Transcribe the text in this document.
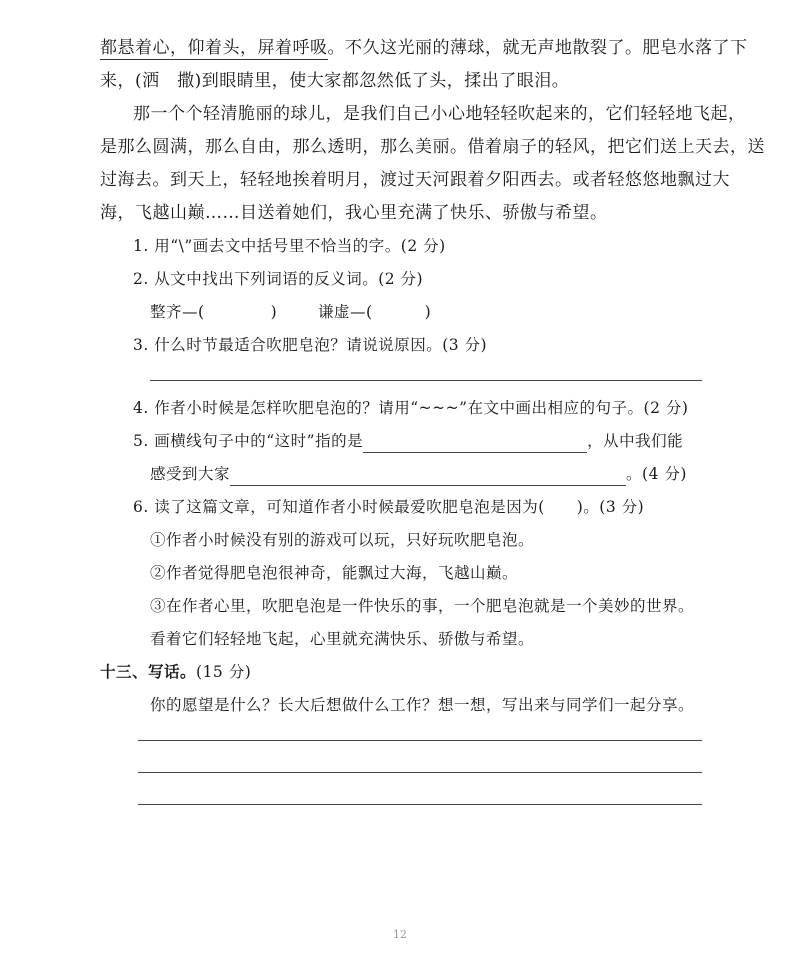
都悬着心，仰着头，屏着呼吸。不久这光丽的薄球，就无声地散裂了。肥皂水落了下
来，(洒　撒)到眼睛里，使大家都忽然低了头，揉出了眼泪。
那一个个轻清脆丽的球儿，是我们自己小心地轻轻吹起来的，它们轻轻地飞起，
是那么圆满，那么自由，那么透明，那么美丽。借着扇子的轻风，把它们送上天去，送
过海去。到天上，轻轻地挨着明月，渡过天河跟着夕阳西去。或者轻悠悠地飘过大
海，飞越山巅……目送着她们，我心里充满了快乐、骄傲与希望。
1. 用“\”画去文中括号里不恰当的字。(2 分)
2. 从文中找出下列词语的反义词。(2 分)
整齐—(	)	谦虚—(	)
3. 什么时节最适合吹肥皂泡？请说说原因。(3 分)
4. 作者小时候是怎样吹肥皂泡的？请用“~~~”在文中画出相应的句子。(2 分)
5. 画横线句子中的“这时”指的是	，从中我们能
感受到大家	。(4 分)
6. 读了这篇文章，可知道作者小时候最爱吹肥皂泡是因为(　　)。(3 分)
①作者小时候没有别的游戏可以玩，只好玩吹肥皂泡。
②作者觉得肥皂泡很神奇，能飘过大海，飞越山巅。
③在作者心里，吹肥皂泡是一件快乐的事，一个肥皂泡就是一个美妙的世界。
看着它们轻轻地飞起，心里就充满快乐、骄傲与希望。
十三、写话。(15 分)
你的愿望是什么？长大后想做什么工作？想一想，写出来与同学们一起分享。
12
